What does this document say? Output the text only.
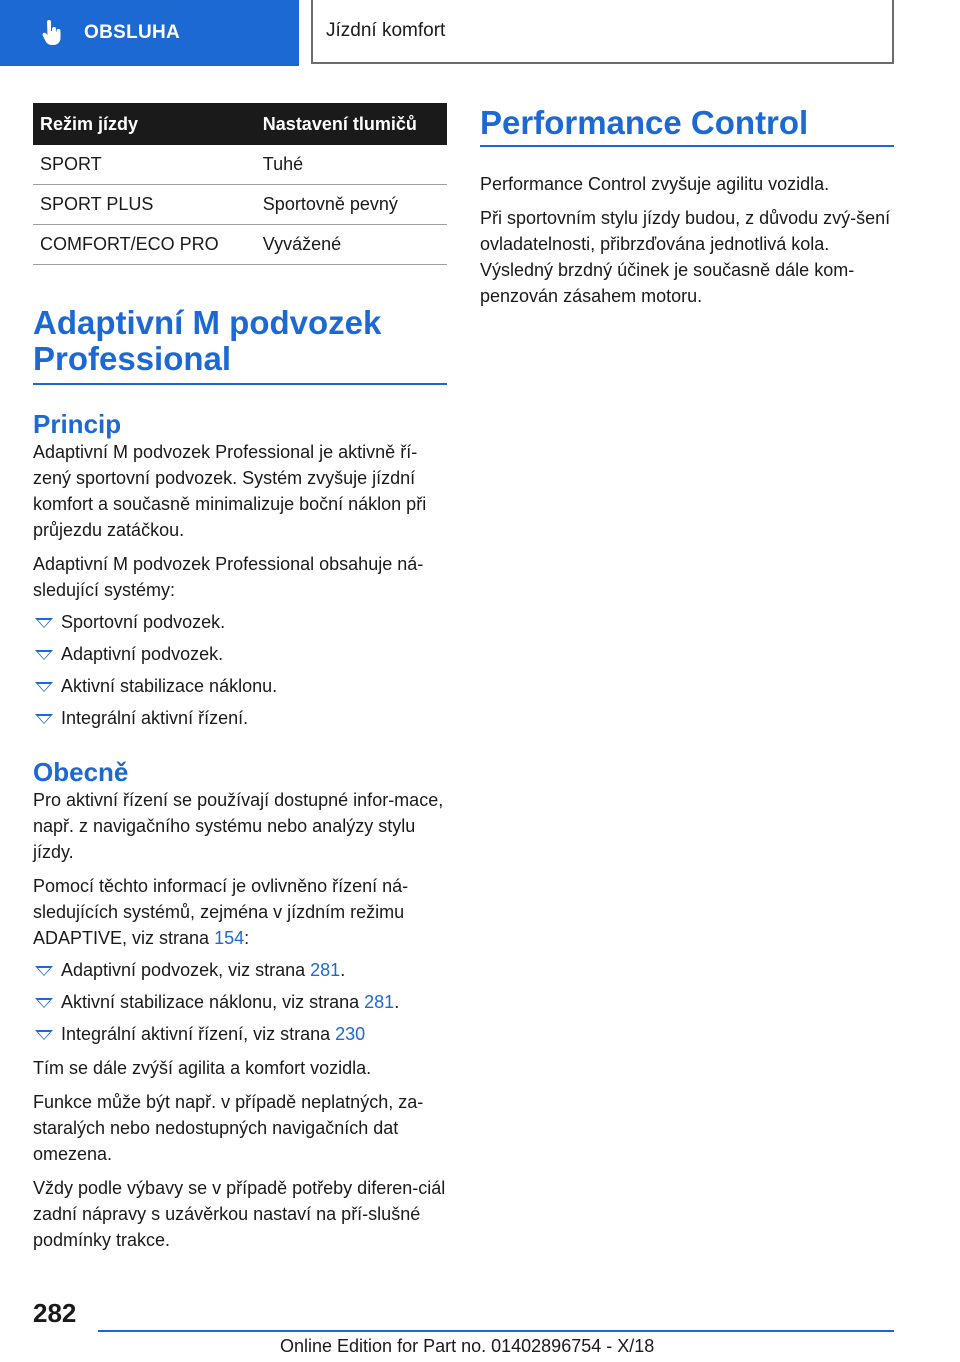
OBSLUHA	Jízdní komfort
Režim jízdy	Nastavení tlumičů
SPORT	Tuhé
SPORT PLUS	Sportovně pevný
COMFORT/ECO PRO	Vyvážené
Adaptivní M podvozek
Professional
Princip

Adaptivní M podvozek Professional je aktivně ří‐zený sportovní podvozek. Systém zvyšuje jízdní komfort a současně minimalizuje boční náklon při průjezdu zatáčkou.

Adaptivní M podvozek Professional obsahuje ná‐sledující systémy:

Sportovní podvozek.
Adaptivní podvozek.
Aktivní stabilizace náklonu.
Integrální aktivní řízení.
Obecně

Pro aktivní řízení se používají dostupné infor‐mace, např. z navigačního systému nebo analýzy stylu jízdy.

Pomocí těchto informací je ovlivněno řízení ná‐sledujících systémů, zejména v jízdním režimu ADAPTIVE, viz strana 154:

Adaptivní podvozek, viz strana 281.
Aktivní stabilizace náklonu, viz strana 281.
Integrální aktivní řízení, viz strana 230

Tím se dále zvýší agilita a komfort vozidla.

Funkce může být např. v případě neplatných, za‐staralých nebo nedostupných navigačních dat omezena.

Vždy podle výbavy se v případě potřeby diferen‐ciál zadní nápravy s uzávěrkou nastaví na pří‐slušné podmínky trakce.

Performance Control

Performance Control zvyšuje agilitu vozidla.

Při sportovním stylu jízdy budou, z důvodu zvý‐šení ovladatelnosti, přibrzďována jednotlivá kola. Výsledný brzdný účinek je současně dále kom‐penzován zásahem motoru.

282
Online Edition for Part no. 01402896754 - X/18
